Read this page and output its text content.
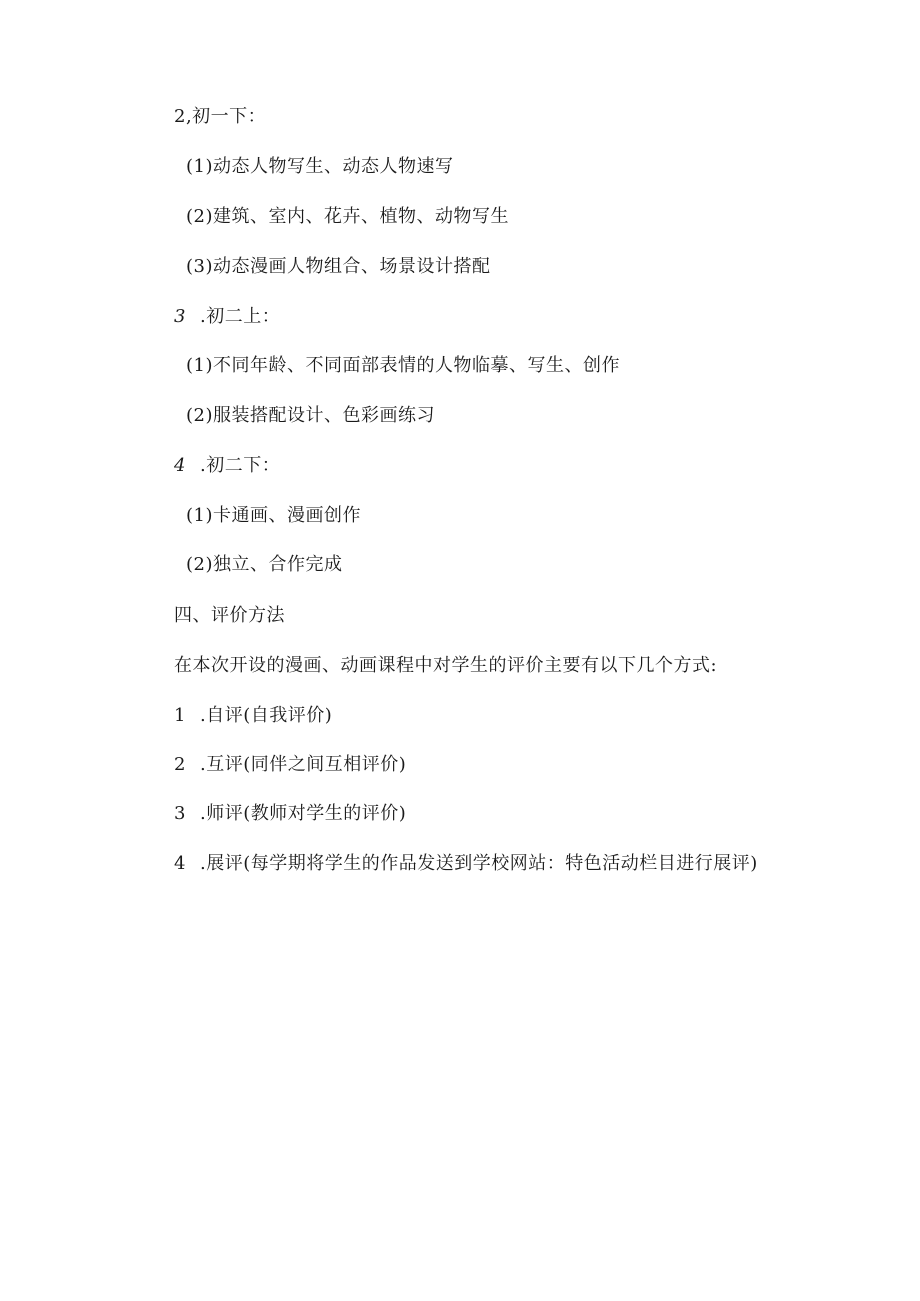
2,初一下：
(1)动态人物写生、动态人物速写
(2)建筑、室内、花卉、植物、动物写生
(3)动态漫画人物组合、场景设计搭配
3 .初二上：
(1)不同年龄、不同面部表情的人物临摹、写生、创作
(2)服装搭配设计、色彩画练习
4 .初二下：
(1)卡通画、漫画创作
(2)独立、合作完成
四、评价方法
在本次开设的漫画、动画课程中对学生的评价主要有以下几个方式:
1 .自评(自我评价)
2 .互评(同伴之间互相评价)
3 .师评(教师对学生的评价)
4 .展评(每学期将学生的作品发送到学校网站：特色活动栏目进行展评)
